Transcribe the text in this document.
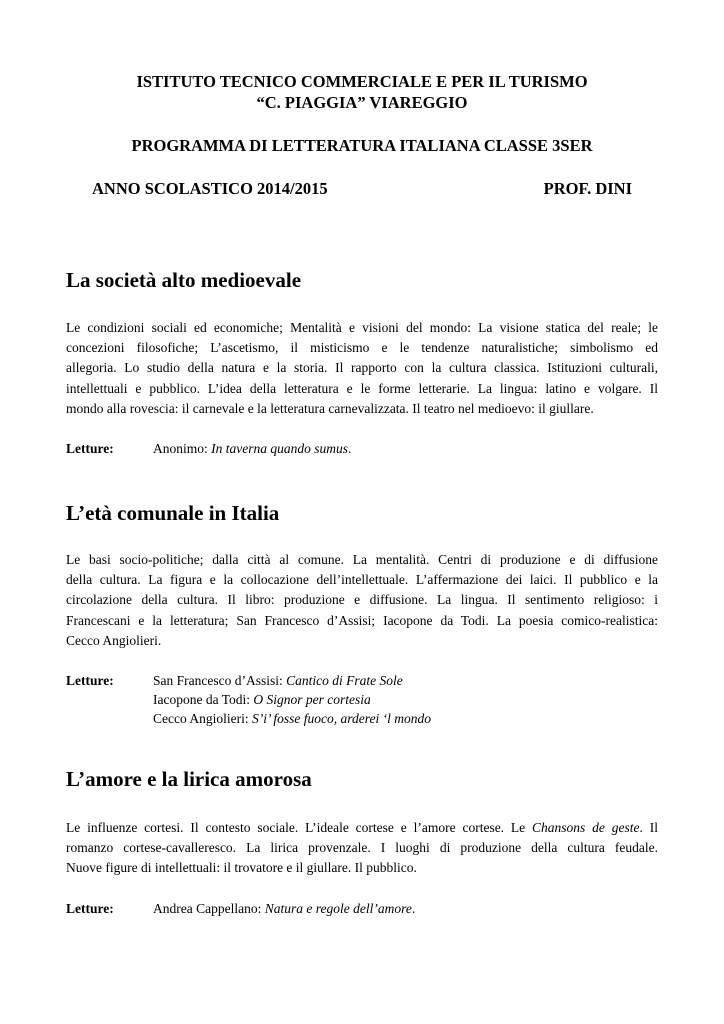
ISTITUTO TECNICO COMMERCIALE E PER IL TURISMO
“C. PIAGGIA” VIAREGGIO
PROGRAMMA DI LETTERATURA ITALIANA CLASSE 3SER
ANNO SCOLASTICO 2014/2015	PROF. DINI
La società alto medioevale
Le condizioni sociali ed economiche; Mentalità e visioni del mondo: La visione statica del reale; le
concezioni filosofiche; L’ascetismo, il misticismo e le tendenze naturalistiche; simbolismo ed
allegoria. Lo studio della natura e la storia. Il rapporto con la cultura classica. Istituzioni culturali,
intellettuali e pubblico. L’idea della letteratura e le forme letterarie. La lingua: latino e volgare. Il
mondo alla rovescia: il carnevale e la letteratura carnevalizzata. Il teatro nel medioevo: il giullare.
Letture:	Anonimo: In taverna quando sumus.
L’età comunale in Italia
Le basi socio-politiche; dalla città al comune. La mentalità. Centri di produzione e di diffusione
della cultura. La figura e la collocazione dell’intellettuale. L’affermazione dei laici. Il pubblico e la
circolazione della cultura. Il libro: produzione e diffusione. La lingua. Il sentimento religioso: i
Francescani e la letteratura; San Francesco d’Assisi; Iacopone da Todi. La poesia comico-realistica:
Cecco Angiolieri.
Letture:	San Francesco d’Assisi: Cantico di Frate Sole
Iacopone da Todi: O Signor per cortesia
Cecco Angiolieri: S’i’ fosse fuoco, arderei ‘l mondo
L’amore e la lirica amorosa
Le influenze cortesi. Il contesto sociale. L’ideale cortese e l’amore cortese. Le Chansons de geste. Il
romanzo cortese-cavalleresco. La lirica provenzale. I luoghi di produzione della cultura feudale.
Nuove figure di intellettuali: il trovatore e il giullare. Il pubblico.
Letture:	Andrea Cappellano: Natura e regole dell’amore.
